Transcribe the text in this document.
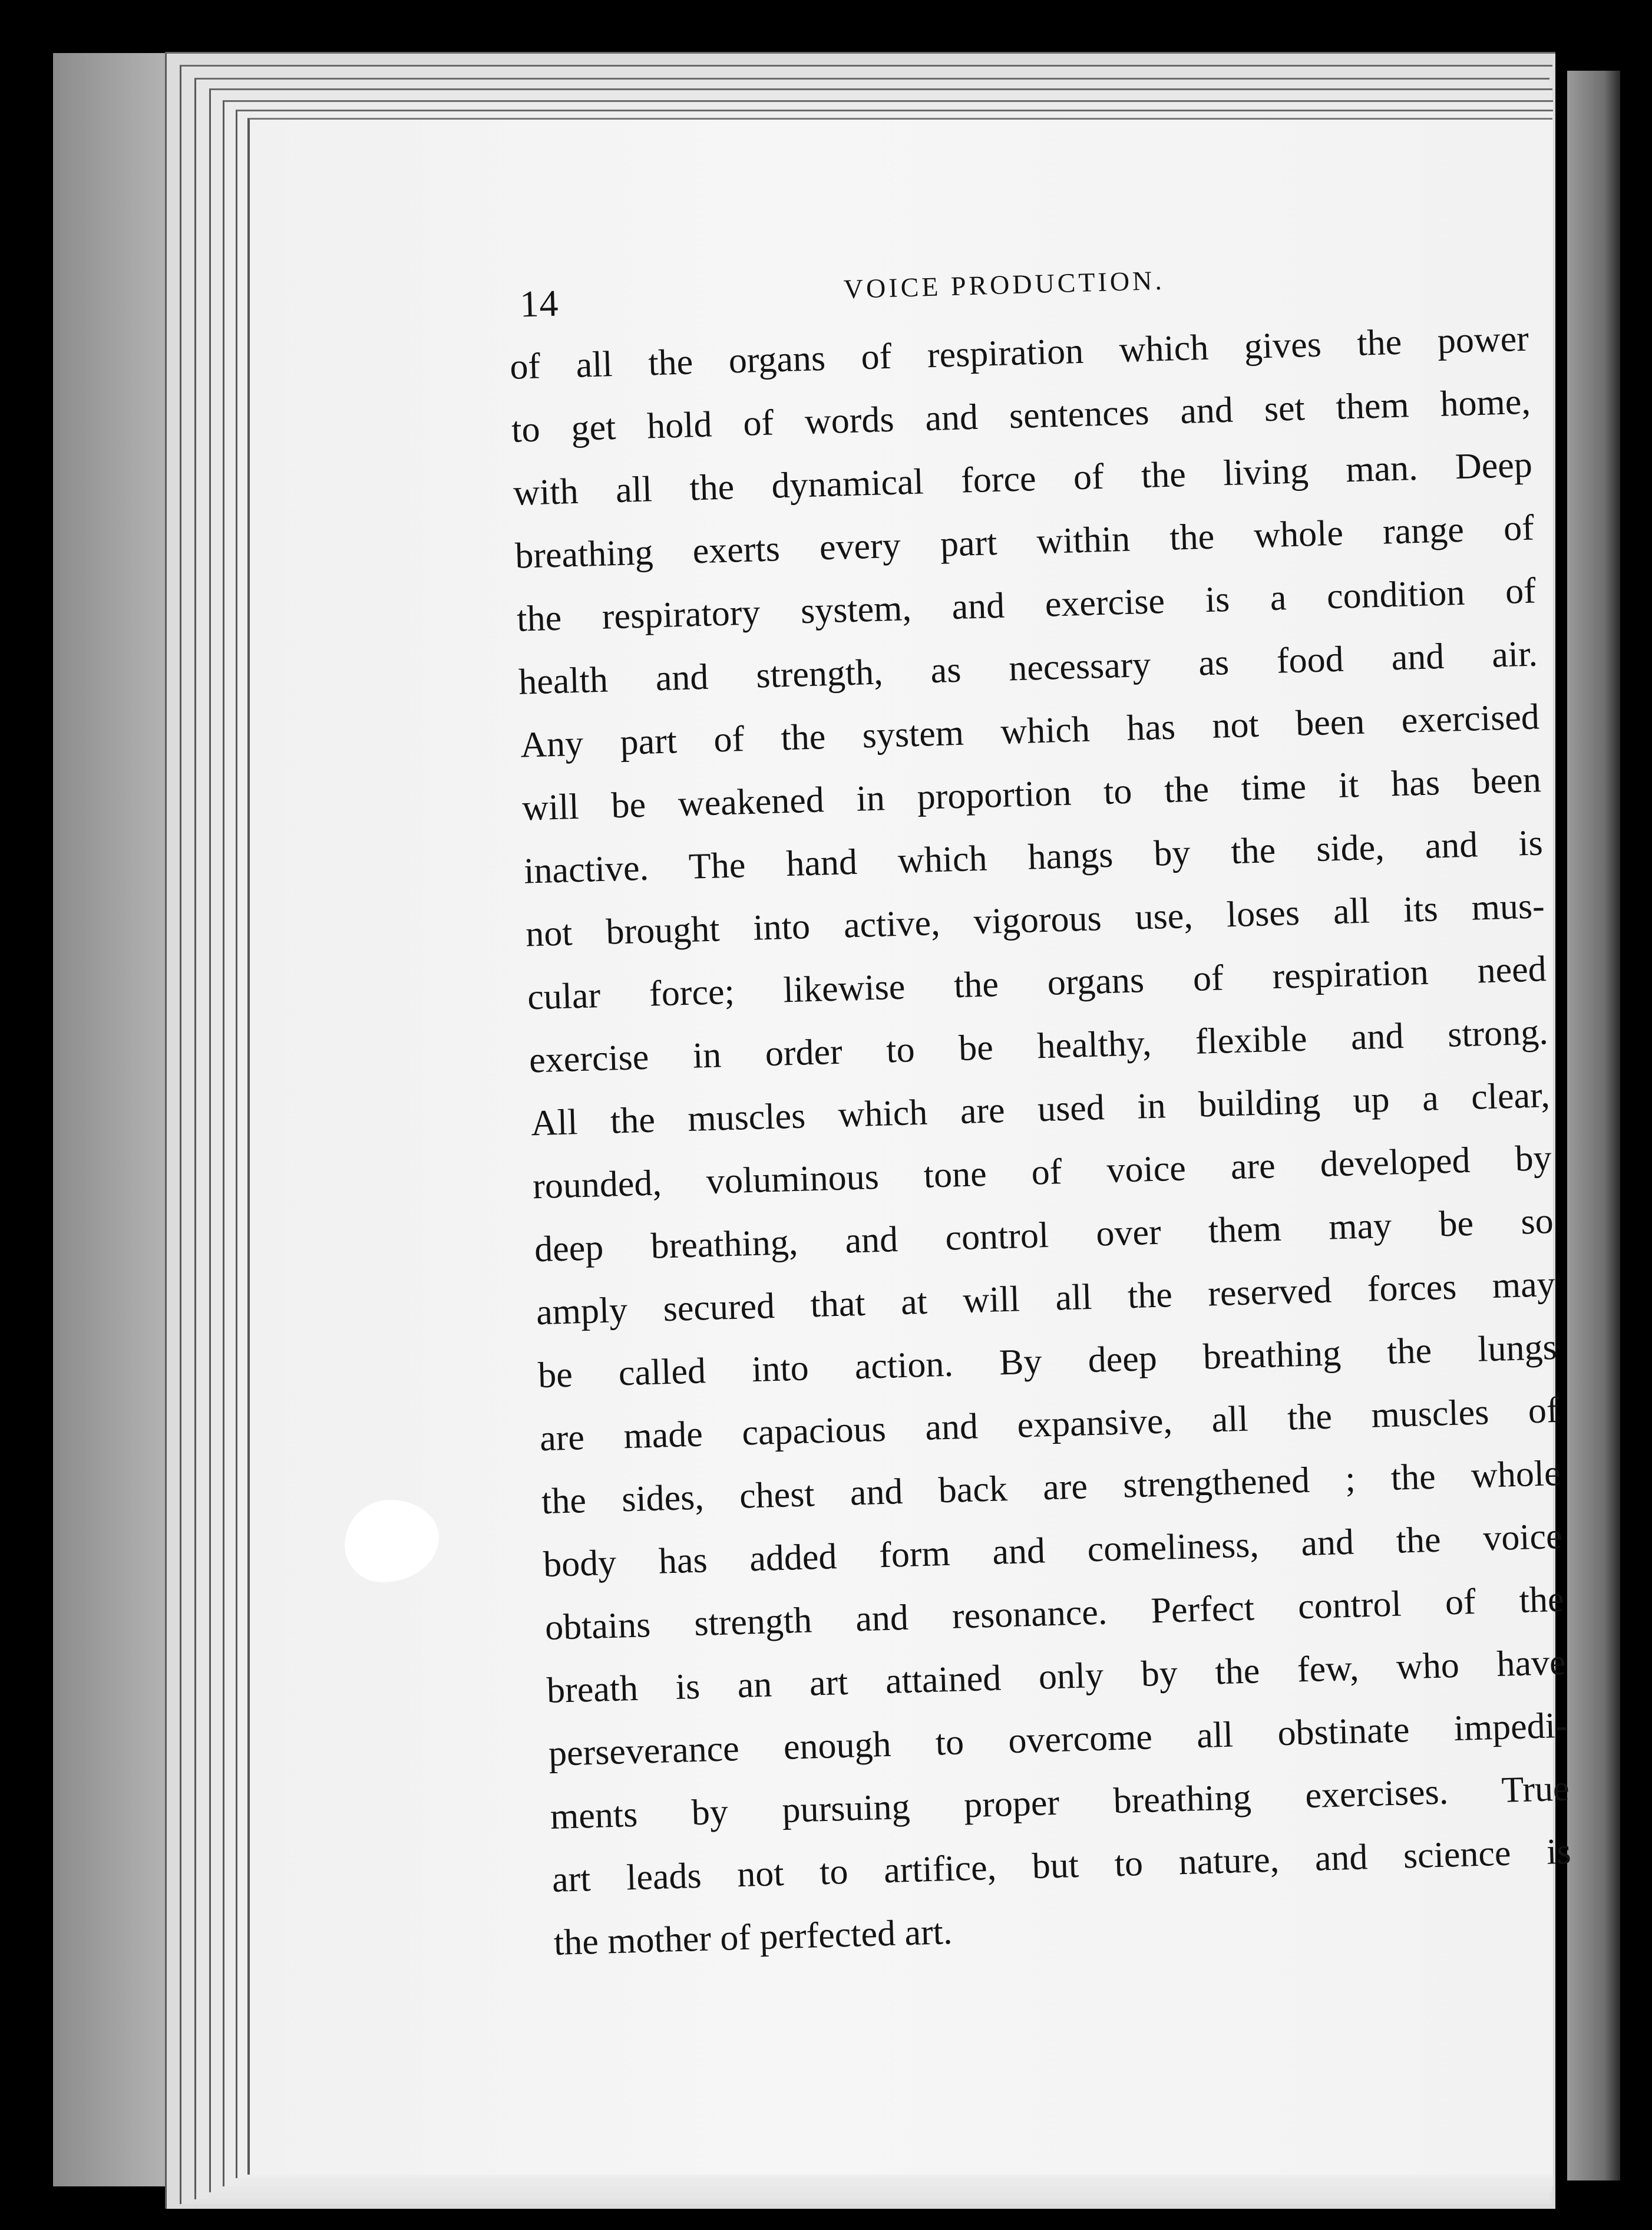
14	VOICE PRODUCTION.
of all the organs of respiration which gives the power
to get hold of words and sentences and set them home,
with all the dynamical force of the living man. Deep
breathing exerts every part within the whole range of
the respiratory system, and exercise is a condition of
health and strength, as necessary as food and air.
Any part of the system which has not been exercised
will be weakened in proportion to the time it has been
inactive. The hand which hangs by the side, and is
not brought into active, vigorous use, loses all its mus-
cular force; likewise the organs of respiration need
exercise in order to be healthy, flexible and strong.
All the muscles which are used in building up a clear,
rounded, voluminous tone of voice are developed by
deep breathing, and control over them may be so
amply secured that at will all the reserved forces may
be called into action. By deep breathing the lungs
are made capacious and expansive, all the muscles of
the sides, chest and back are strengthened ; the whole
body has added form and comeliness, and the voice
obtains strength and resonance. Perfect control of the
breath is an art attained only by the few, who have
perseverance enough to overcome all obstinate impedi-
ments by pursuing proper breathing exercises. True
art leads not to artifice, but to nature, and science is
the mother of perfected art.
